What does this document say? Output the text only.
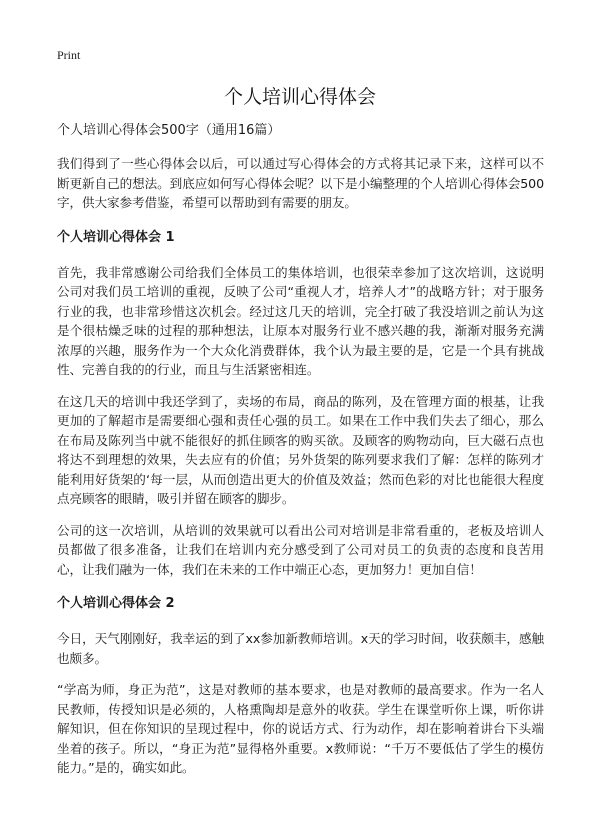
Print
个人培训心得体会
个人培训心得体会500字（通用16篇）

我们得到了一些心得体会以后，可以通过写心得体会的方式将其记录下来，这样可以不断更新自己的想法。到底应如何写心得体会呢？以下是小编整理的个人培训心得体会500字，供大家参考借鉴，希望可以帮助到有需要的朋友。

个人培训心得体会 1

首先，我非常感谢公司给我们全体员工的集体培训，也很荣幸参加了这次培训，这说明公司对我们员工培训的重视，反映了公司“重视人才，培养人才”的战略方针；对于服务行业的我，也非常珍惜这次机会。经过这几天的培训，完全打破了我没培训之前认为这是个很枯燥乏味的过程的那种想法，让原本对服务行业不感兴趣的我，渐渐对服务充满浓厚的兴趣，服务作为一个大众化消费群体，我个认为最主要的是，它是一个具有挑战性、完善自我的的行业，而且与生活紧密相连。

在这几天的培训中我还学到了，卖场的布局，商品的陈列，及在管理方面的根基，让我更加的了解超市是需要细心强和责任心强的员工。如果在工作中我们失去了细心，那么在布局及陈列当中就不能很好的抓住顾客的购买欲。及顾客的购物动向，巨大磁石点也将达不到理想的效果，失去应有的价值；另外货架的陈列要求我们了解：怎样的陈列才能利用好货架的‘每一层，从而创造出更大的价值及效益；然而色彩的对比也能很大程度点亮顾客的眼睛，吸引并留在顾客的脚步。

公司的这一次培训，从培训的效果就可以看出公司对培训是非常看重的，老板及培训人员都做了很多准备，让我们在培训内充分感受到了公司对员工的负责的态度和良苦用心，让我们融为一体，我们在未来的工作中端正心态，更加努力！更加自信！

个人培训心得体会 2

今日，天气刚刚好，我幸运的到了xx参加新教师培训。x天的学习时间，收获颇丰，感触也颇多。

“学高为师，身正为范”，这是对教师的基本要求，也是对教师的最高要求。作为一名人民教师，传授知识是必须的，人格熏陶却是意外的收获。学生在课堂听你上课，听你讲解知识，但在你知识的呈现过程中，你的说话方式、行为动作，却在影响着讲台下头端坐着的孩子。所以，“身正为范”显得格外重要。x教师说：“千万不要低估了学生的模仿能力。”是的，确实如此。
